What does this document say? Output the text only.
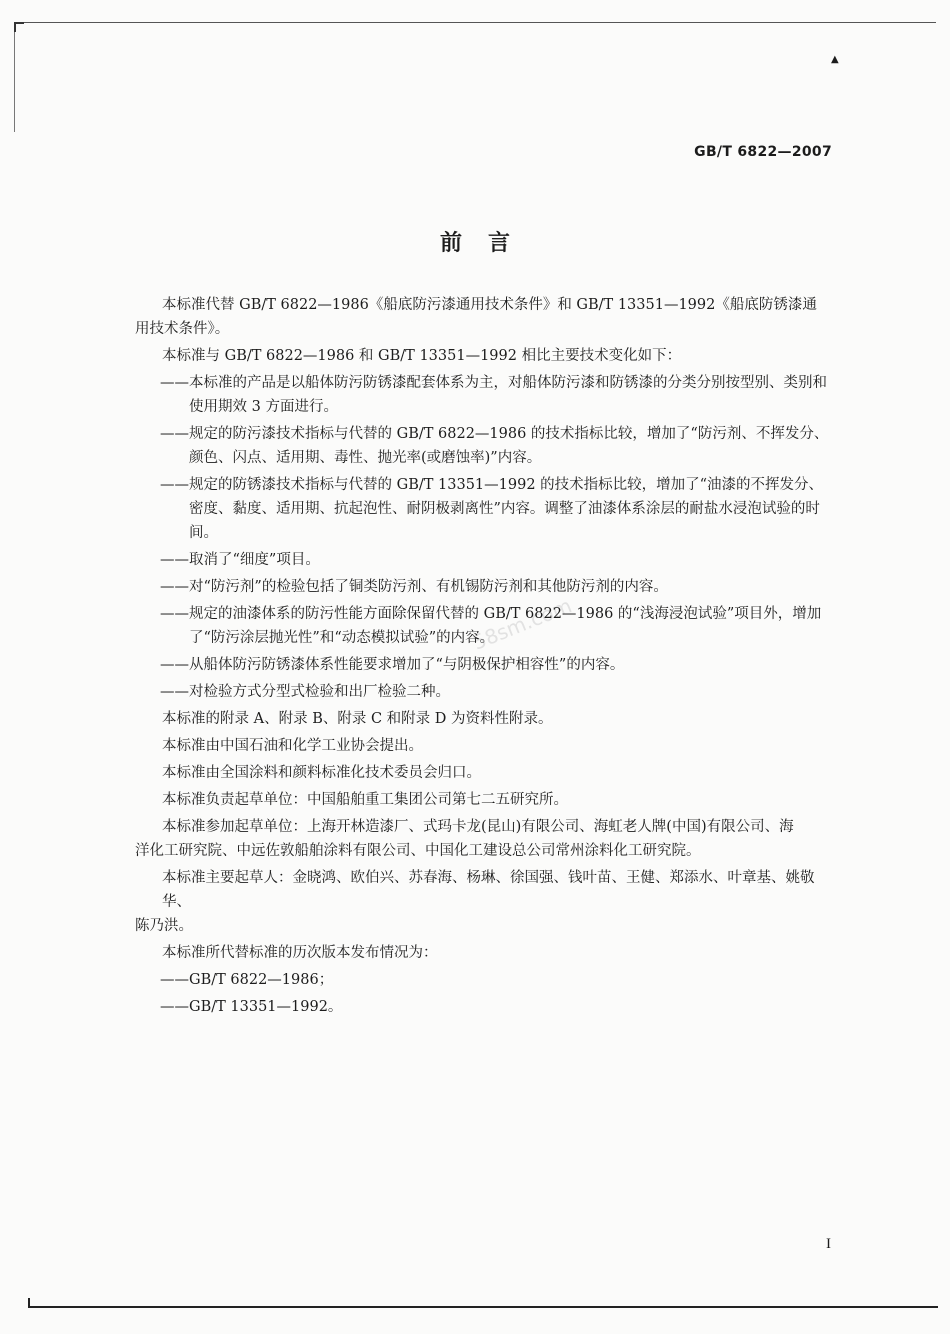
▲
GB/T 6822—2007
前言
58sm.com
本标准代替 GB/T 6822—1986《船底防污漆通用技术条件》和 GB/T 13351—1992《船底防锈漆通
用技术条件》。
本标准与 GB/T 6822—1986 和 GB/T 13351—1992 相比主要技术变化如下：
——本标准的产品是以船体防污防锈漆配套体系为主，对船体防污漆和防锈漆的分类分别按型别、类别和使用期效 3 方面进行。
——规定的防污漆技术指标与代替的 GB/T 6822—1986 的技术指标比较，增加了“防污剂、不挥发分、颜色、闪点、适用期、毒性、抛光率(或磨蚀率)”内容。
——规定的防锈漆技术指标与代替的 GB/T 13351—1992 的技术指标比较，增加了“油漆的不挥发分、密度、黏度、适用期、抗起泡性、耐阴极剥离性”内容。调整了油漆体系涂层的耐盐水浸泡试验的时间。
——取消了“细度”项目。
——对“防污剂”的检验包括了铜类防污剂、有机锡防污剂和其他防污剂的内容。
——规定的油漆体系的防污性能方面除保留代替的 GB/T 6822—1986 的“浅海浸泡试验”项目外，增加了“防污涂层抛光性”和“动态模拟试验”的内容。
——从船体防污防锈漆体系性能要求增加了“与阴极保护相容性”的内容。
——对检验方式分型式检验和出厂检验二种。
本标准的附录 A、附录 B、附录 C 和附录 D 为资料性附录。
本标准由中国石油和化学工业协会提出。
本标准由全国涂料和颜料标准化技术委员会归口。
本标准负责起草单位：中国船舶重工集团公司第七二五研究所。
本标准参加起草单位：上海开林造漆厂、式玛卡龙(昆山)有限公司、海虹老人牌(中国)有限公司、海
洋化工研究院、中远佐敦船舶涂料有限公司、中国化工建设总公司常州涂料化工研究院。
本标准主要起草人：金晓鸿、欧伯兴、苏春海、杨琳、徐国强、钱叶苗、王健、郑添水、叶章基、姚敬华、
陈乃洪。
本标准所代替标准的历次版本发布情况为：
——GB/T 6822—1986；
——GB/T 13351—1992。
I
